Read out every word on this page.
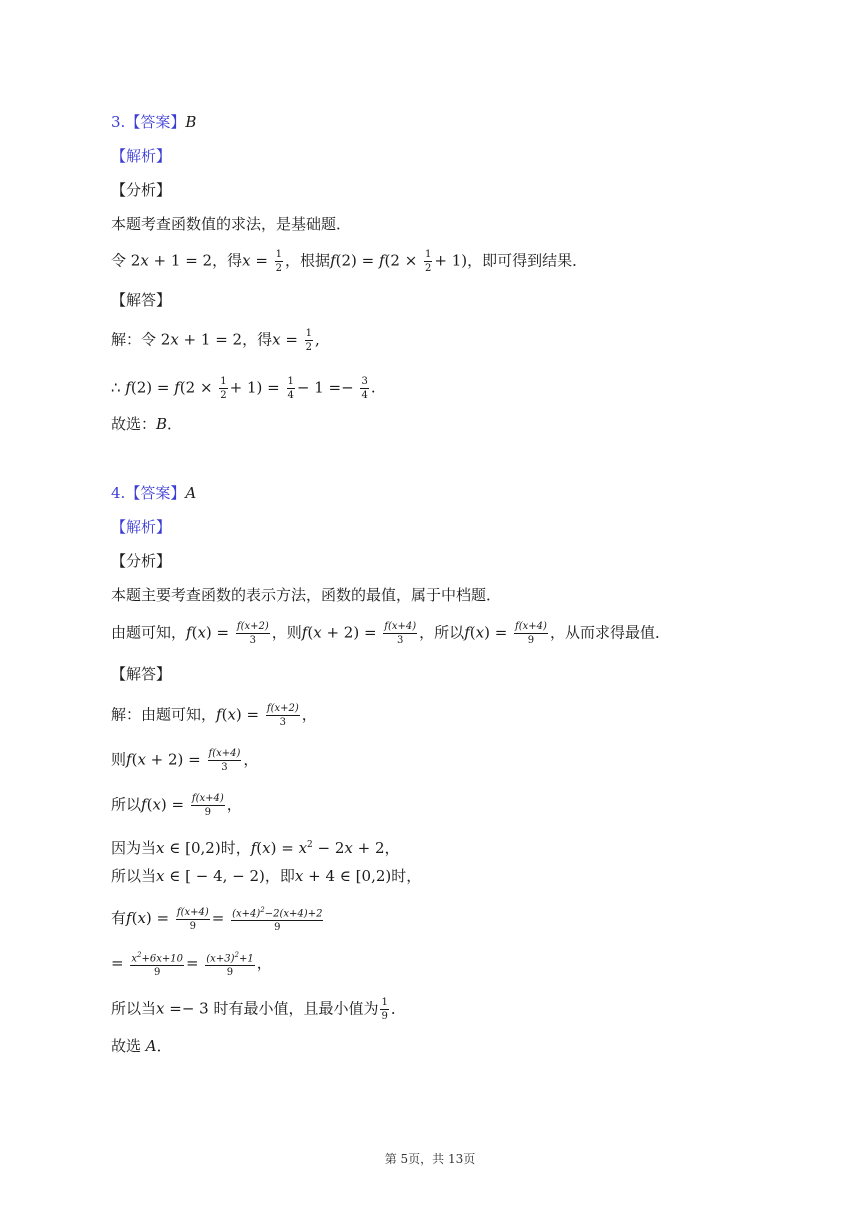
3.【答案】B
【解析】
【分析】
本题考查函数值的求法，是基础题．
令 2x + 1 = 2，得$x = \frac{1}{2}$ ，根据$f(2) = f(2 \times \frac{1}{2} + 1)$，即可得到结果．
【解答】
解：令 2x + 1 = 2，得$x = \frac{1}{2}$ ,
∴ $f(2) = f(2 \times \frac{1}{2} + 1) = \frac{1}{4} - 1 =- \frac{3}{4}$ .
故选：B．
4.【答案】A
【解析】
【分析】
本题主要考查函数的表示方法，函数的最值，属于中档题．
由题可知，$f(x) = \frac{f(x+2)}{3}$ ，则$f(x + 2) = \frac{f(x+4)}{3}$ ，所以$f(x) = \frac{f(x+4)}{9}$ ，从而求得最值．
【解答】
解：由题可知，$f(x) = \frac{f(x+2)}{3}$ ，
则$f(x + 2) = \frac{f(x+4)}{3}$ ，
所以$f(x) = \frac{f(x+4)}{9}$ ，
因为当x ∈ [0,2)时，$f(x) = x^2 - 2x + 2$，
所以当x ∈ [ − 4, − 2)，即x + 4 ∈ [0,2)时，
有$f(x) = \frac{f(x+4)}{9} = \frac{(x+4)^2-2(x+4)+2}{9}$
= $\frac{x^2+6x+10}{9} = \frac{(x+3)^2+1}{9}$ ，
所以当x =− 3 时有最小值，且最小值为 $\frac{1}{9}$ ．
故选 A．
第 5页，共 13页
